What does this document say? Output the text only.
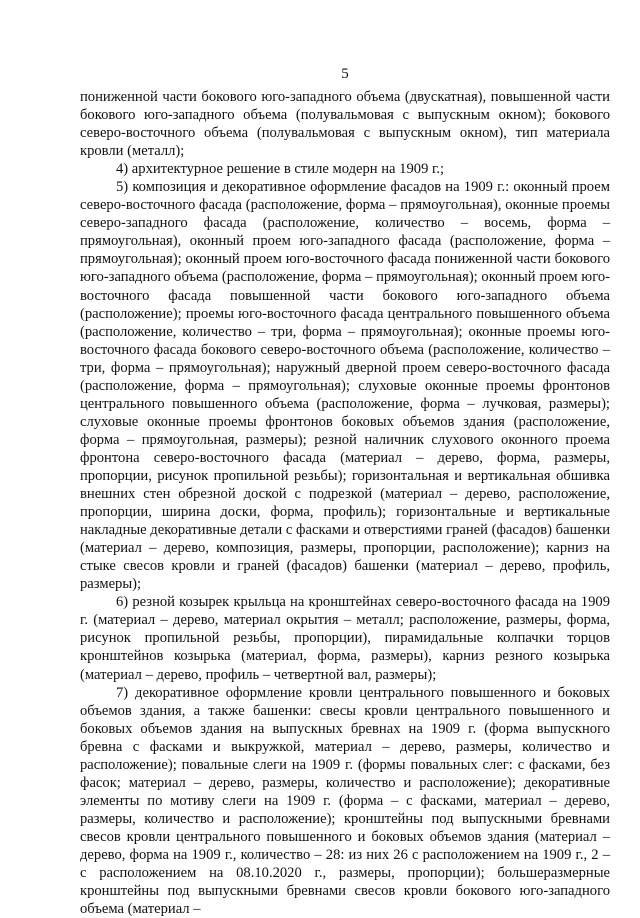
5

пониженной части бокового юго-западного объема (двускатная), повышенной части бокового юго-западного объема (полувальмовая с выпускным окном); бокового северо-восточного объема (полувальмовая с выпускным окном), тип материала кровли (металл);

4) архитектурное решение в стиле модерн на 1909 г.;

5) композиция и декоративное оформление фасадов на 1909 г.: оконный проем северо-восточного фасада (расположение, форма – прямоугольная), оконные проемы северо-западного фасада (расположение, количество – восемь, форма – прямоугольная), оконный проем юго-западного фасада (расположение, форма – прямоугольная); оконный проем юго-восточного фасада пониженной части бокового юго-западного объема (расположение, форма – прямоугольная); оконный проем юго-восточного фасада повышенной части бокового юго-западного объема (расположение); проемы юго-восточного фасада центрального повышенного объема (расположение, количество – три, форма – прямоугольная); оконные проемы юго-восточного фасада бокового северо-восточного объема (расположение, количество – три, форма – прямоугольная); наружный дверной проем северо-восточного фасада (расположение, форма – прямоугольная); слуховые оконные проемы фронтонов центрального повышенного объема (расположение, форма – лучковая, размеры); слуховые оконные проемы фронтонов боковых объемов здания (расположение, форма – прямоугольная, размеры); резной наличник слухового оконного проема фронтона северо-восточного фасада (материал – дерево, форма, размеры, пропорции, рисунок пропильной резьбы); горизонтальная и вертикальная обшивка внешних стен обрезной доской с подрезкой (материал – дерево, расположение, пропорции, ширина доски, форма, профиль); горизонтальные и вертикальные накладные декоративные детали с фасками и отверстиями граней (фасадов) башенки (материал – дерево, композиция, размеры, пропорции, расположение); карниз на стыке свесов кровли и граней (фасадов) башенки (материал – дерево, профиль, размеры);

6) резной козырек крыльца на кронштейнах северо-восточного фасада на 1909 г. (материал – дерево, материал окрытия – металл; расположение, размеры, форма, рисунок пропильной резьбы, пропорции), пирамидальные колпачки торцов кронштейнов козырька (материал, форма, размеры), карниз резного козырька (материал – дерево, профиль – четвертной вал, размеры);

7) декоративное оформление кровли центрального повышенного и боковых объемов здания, а также башенки: свесы кровли центрального повышенного и боковых объемов здания на выпускных бревнах на 1909 г. (форма выпускного бревна с фасками и выкружкой, материал – дерево, размеры, количество и расположение); повальные слеги на 1909 г. (формы повальных слег: с фасками, без фасок; материал – дерево, размеры, количество и расположение); декоративные элементы по мотиву слеги на 1909 г. (форма – с фасками, материал – дерево, размеры, количество и расположение); кронштейны под выпускными бревнами свесов кровли центрального повышенного и боковых объемов здания (материал – дерево, форма на 1909 г., количество – 28: из них 26 с расположением на 1909 г., 2 – с расположением на 08.10.2020 г., размеры, пропорции); большеразмерные кронштейны под выпускными бревнами свесов кровли бокового юго-западного объема (материал –
